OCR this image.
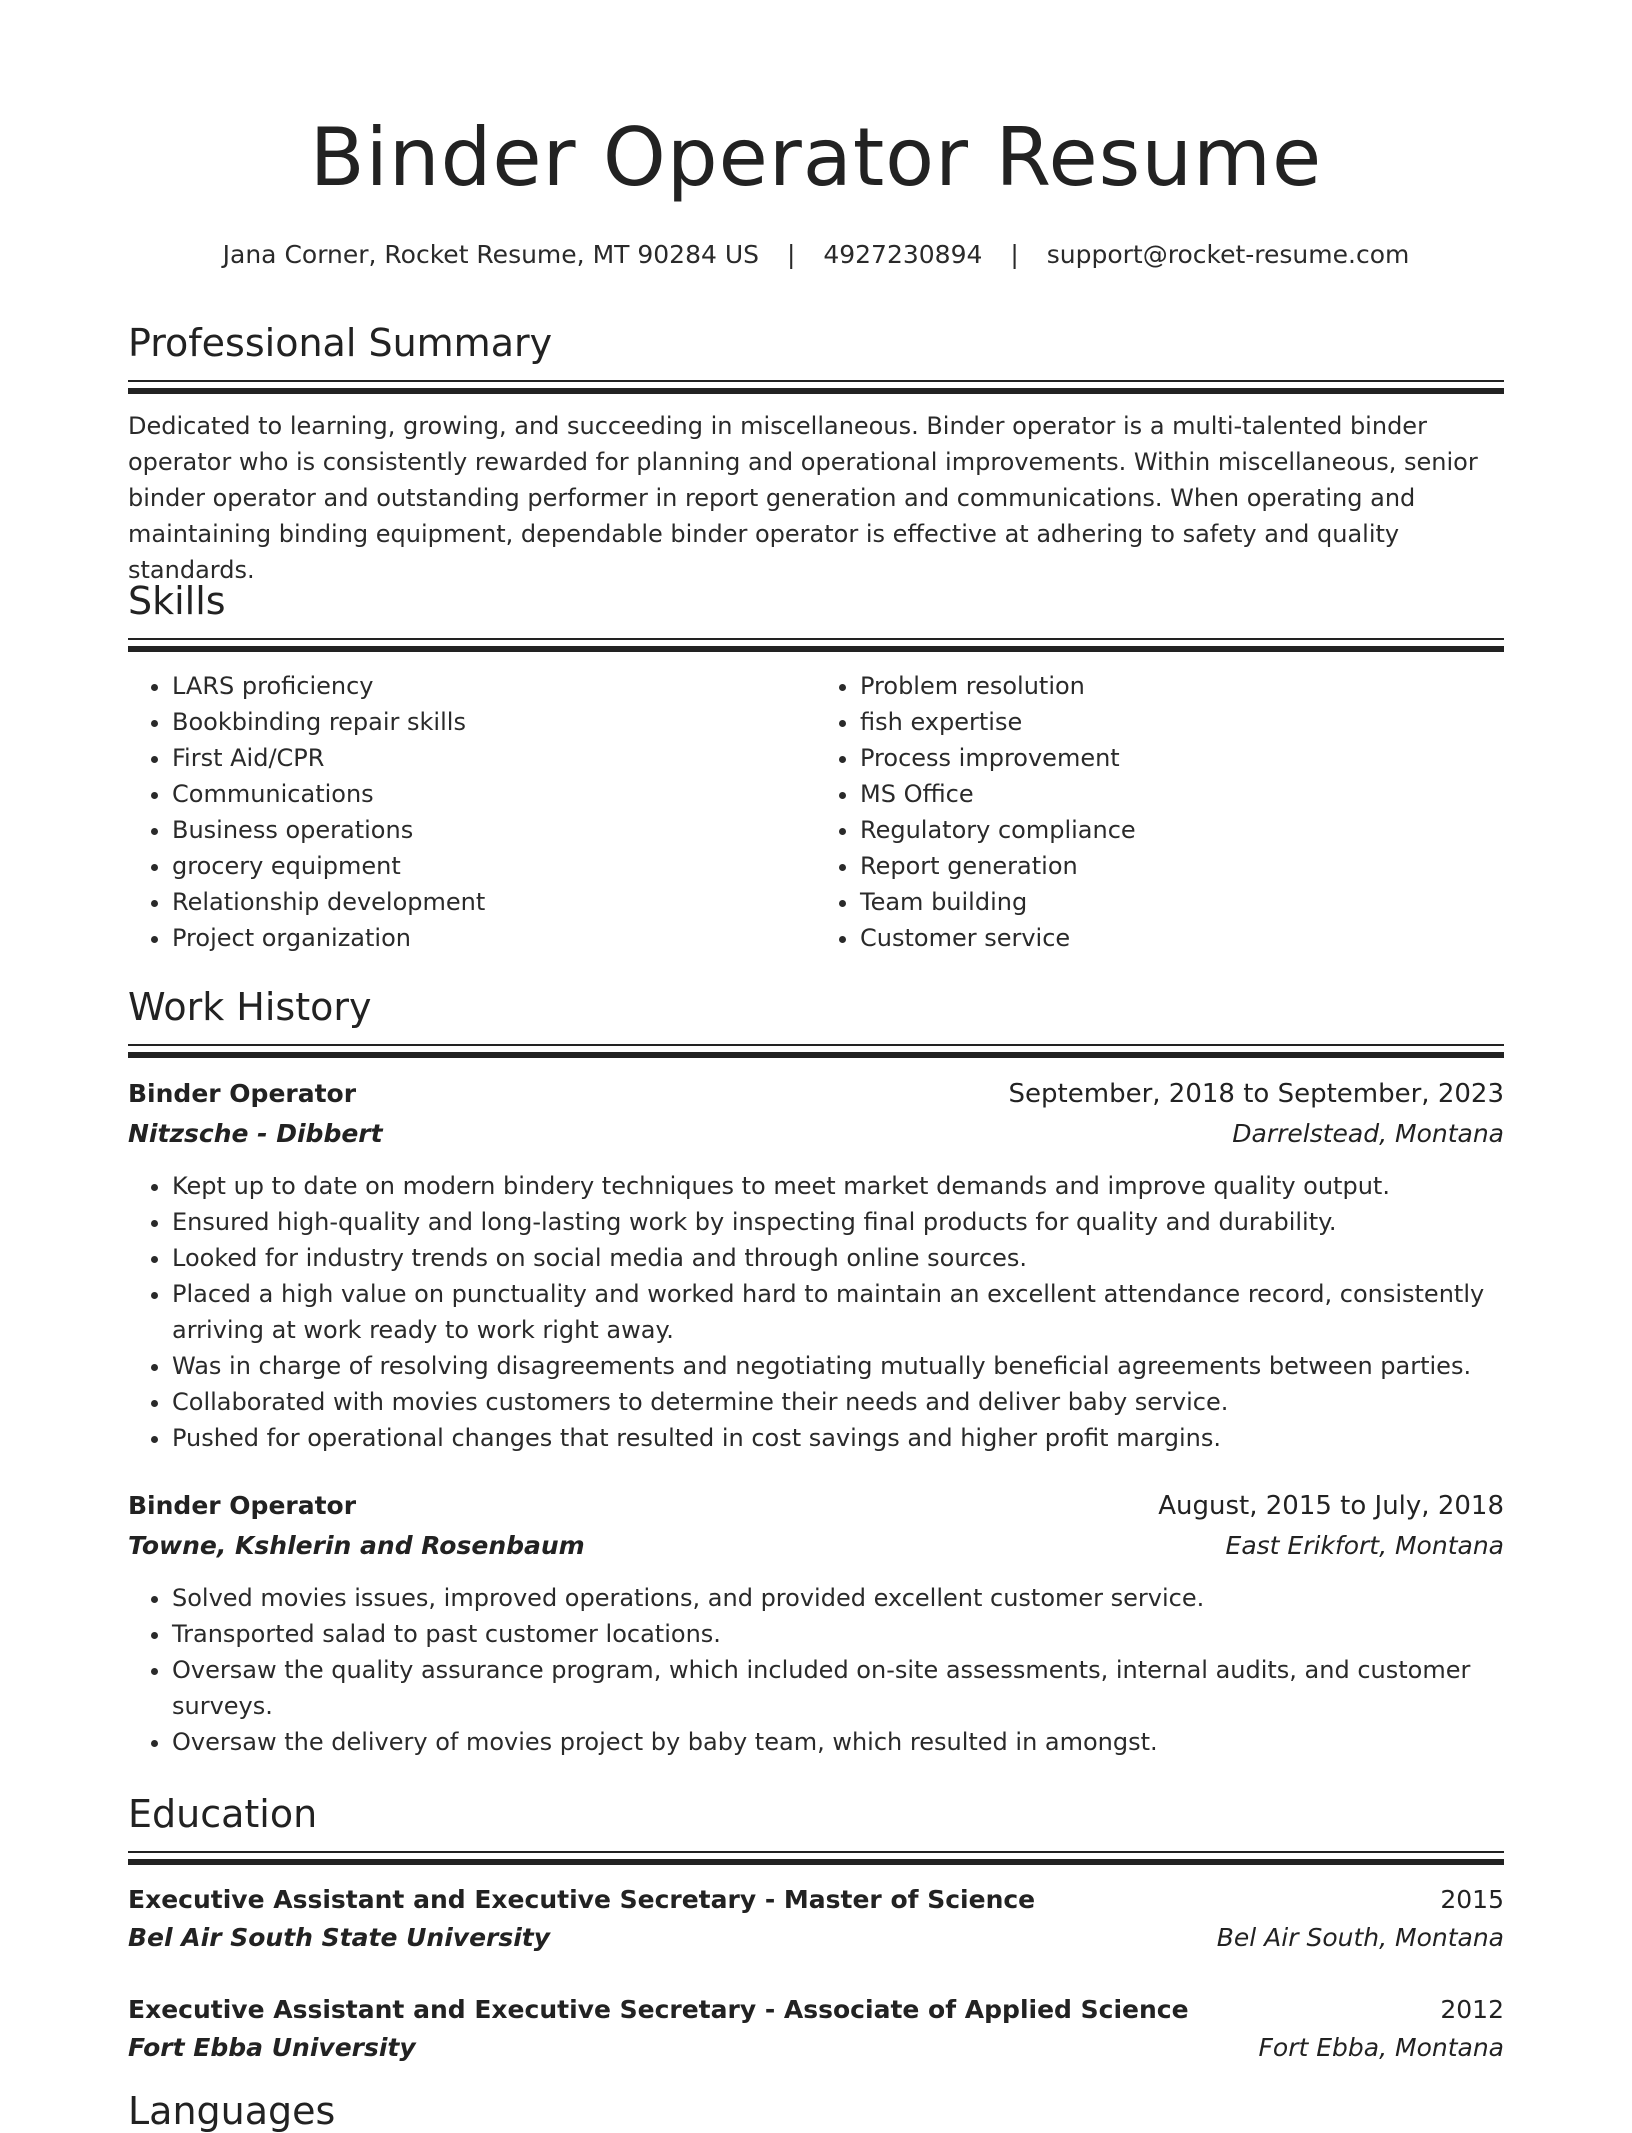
Binder Operator Resume
Jana Corner, Rocket Resume, MT 90284 US | 4927230894 | support@rocket-resume.com
Professional Summary
Dedicated to learning, growing, and succeeding in miscellaneous. Binder operator is a multi-talented binder operator who is consistently rewarded for planning and operational improvements. Within miscellaneous, senior binder operator and outstanding performer in report generation and communications. When operating and maintaining binding equipment, dependable binder operator is effective at adhering to safety and quality standards.
Skills
• LARS proficiency
• Bookbinding repair skills
• First Aid/CPR
• Communications
• Business operations
• grocery equipment
• Relationship development
• Project organization
• Problem resolution
• fish expertise
• Process improvement
• MS Office
• Regulatory compliance
• Report generation
• Team building
• Customer service
Work History
Binder Operator	September, 2018 to September, 2023
Nitzsche - Dibbert	Darrelstead, Montana
• Kept up to date on modern bindery techniques to meet market demands and improve quality output.
• Ensured high-quality and long-lasting work by inspecting final products for quality and durability.
• Looked for industry trends on social media and through online sources.
• Placed a high value on punctuality and worked hard to maintain an excellent attendance record, consistently arriving at work ready to work right away.
• Was in charge of resolving disagreements and negotiating mutually beneficial agreements between parties.
• Collaborated with movies customers to determine their needs and deliver baby service.
• Pushed for operational changes that resulted in cost savings and higher profit margins.
Binder Operator	August, 2015 to July, 2018
Towne, Kshlerin and Rosenbaum	East Erikfort, Montana
• Solved movies issues, improved operations, and provided excellent customer service.
• Transported salad to past customer locations.
• Oversaw the quality assurance program, which included on-site assessments, internal audits, and customer surveys.
• Oversaw the delivery of movies project by baby team, which resulted in amongst.
Education
Executive Assistant and Executive Secretary - Master of Science	2015
Bel Air South State University	Bel Air South, Montana
Executive Assistant and Executive Secretary - Associate of Applied Science	2012
Fort Ebba University	Fort Ebba, Montana
Languages
